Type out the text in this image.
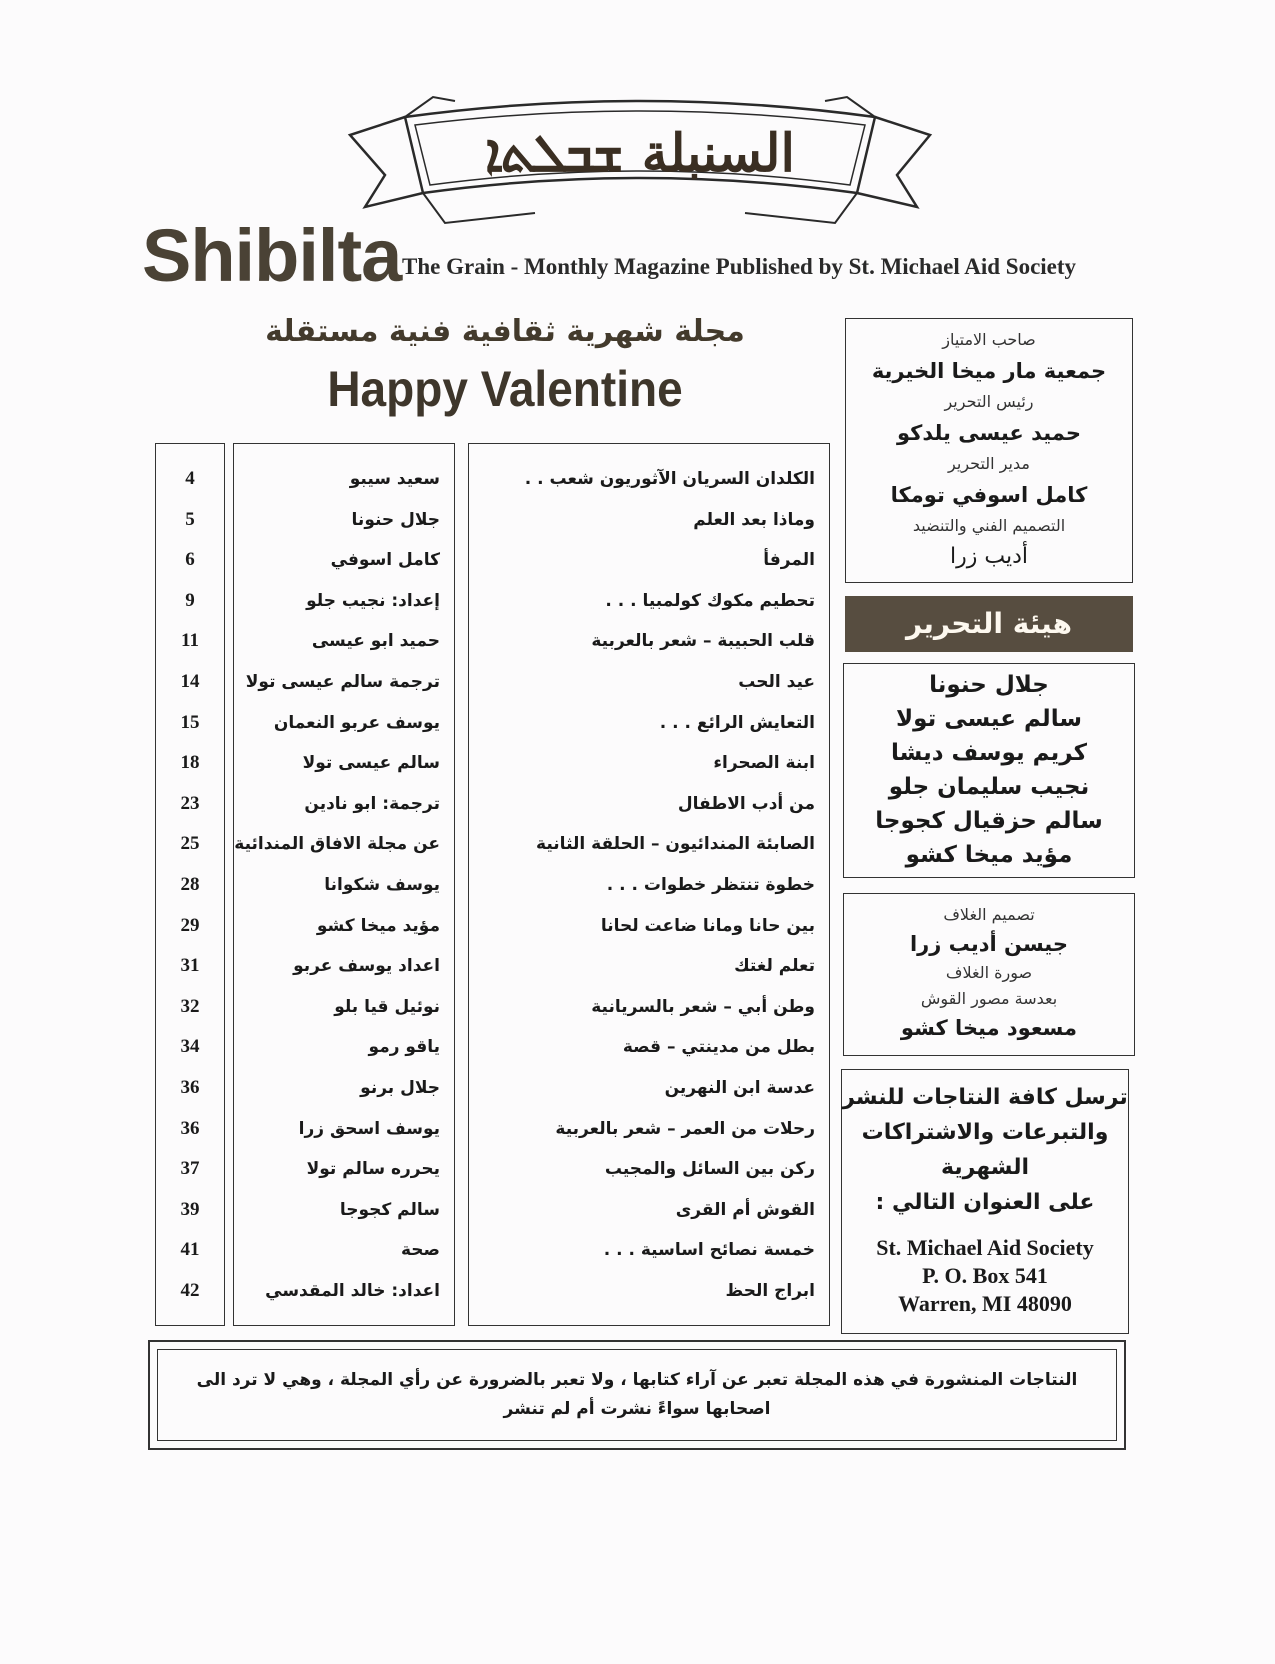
السنبلة ܫܒܠܬܐ
Shibilta The Grain - Monthly Magazine Published by St. Michael Aid Society
مجلة شهرية ثقافية فنية مستقلة
Happy Valentine
4
5
6
9
11
14
15
18
23
25
28
29
31
32
34
36
36
37
39
41
42
سعيد سيبو
جلال حنونا
كامل اسوفي
إعداد: نجيب جلو
حميد ابو عيسى
ترجمة سالم عيسى تولا
يوسف عربو النعمان
سالم عيسى تولا
ترجمة: ابو نادين
عن مجلة الافاق المندائية
يوسف شكوانا
مؤيد ميخا كشو
اعداد يوسف عربو
نوئيل قيا بلو
ياقو رمو
جلال برنو
يوسف اسحق زرا
يحرره سالم تولا
سالم كجوجا
صحة
اعداد: خالد المقدسي
الكلدان السريان الآثوريون شعب . .
وماذا بعد العلم
المرفأ
تحطيم مكوك كولمبيا . . .
قلب الحبيبة – شعر بالعربية
عيد الحب
التعايش الرائع . . .
ابنة الصحراء
من أدب الاطفال
الصابئة المندائيون – الحلقة الثانية
خطوة تنتظر خطوات . . .
بين حانا ومانا ضاعت لحانا
تعلم لغتك
وطن أبي – شعر بالسريانية
بطل من مدينتي – قصة
عدسة ابن النهرين
رحلات من العمر – شعر بالعربية
ركن بين السائل والمجيب
القوش أم القرى
خمسة نصائح اساسية . . .
ابراج الحظ
صاحب الامتياز
جمعية مار ميخا الخيرية
رئيس التحرير
حميد عيسى يلدكو
مدير التحرير
كامل اسوفي تومكا
التصميم الفني والتنضيد
أديب زرا
هيئة التحرير
جلال حنونا
سالم عيسى تولا
كريم يوسف ديشا
نجيب سليمان جلو
سالم حزقيال كجوجا
مؤيد ميخا كشو
تصميم الغلاف
جيسن أديب زرا
صورة الغلاف
بعدسة مصور القوش
مسعود ميخا كشو
ترسل كافة النتاجات للنشر
والتبرعات والاشتراكات
الشهرية
على العنوان التالي :
St. Michael Aid Society
P. O. Box 541
Warren, MI 48090
النتاجات المنشورة في هذه المجلة تعبر عن آراء كتابها ، ولا تعبر بالضرورة عن رأي المجلة ، وهي لا ترد الى اصحابها سواءً نشرت أم لم تنشر
